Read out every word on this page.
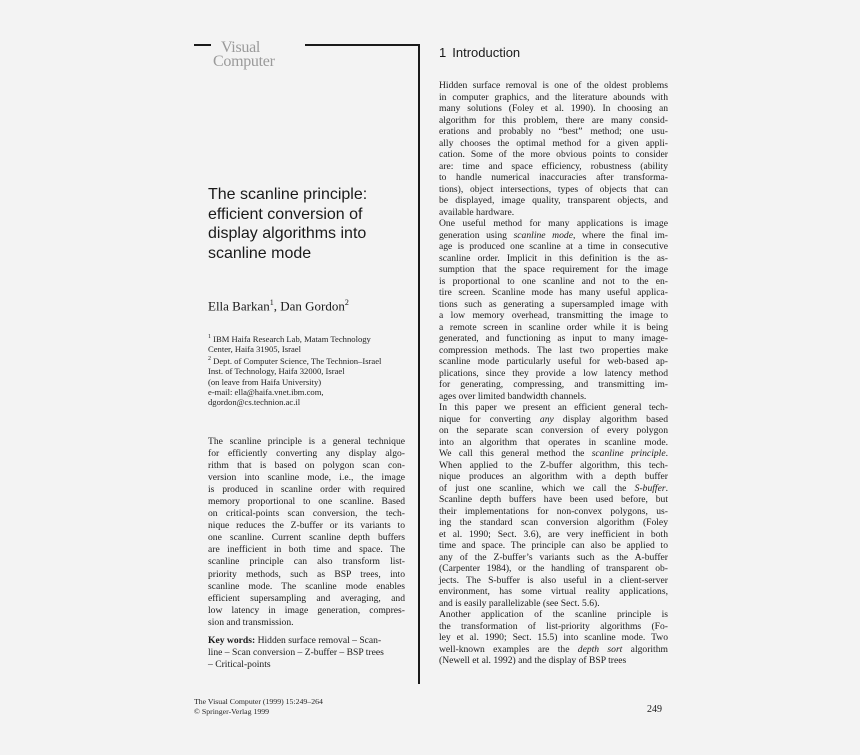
Visual
Computer
The scanline principle:
efficient conversion of
display algorithms into
scanline mode
Ella Barkan$^1$, Dan Gordon$^2$
$^1$ IBM Haifa Research Lab, Matam Technology
Center, Haifa 31905, Israel
$^2$ Dept. of Computer Science, The Technion–Israel
Inst. of Technology, Haifa 32000, Israel
(on leave from Haifa University)
e-mail: ella@haifa.vnet.ibm.com,
dgordon@cs.technion.ac.il
The scanline principle is a general technique
for efficiently converting any display algo-
rithm that is based on polygon scan con-
version into scanline mode, i.e., the image
is produced in scanline order with required
memory proportional to one scanline. Based
on critical-points scan conversion, the tech-
nique reduces the Z-buffer or its variants to
one scanline. Current scanline depth buffers
are inefficient in both time and space. The
scanline principle can also transform list-
priority methods, such as BSP trees, into
scanline mode. The scanline mode enables
efficient supersampling and averaging, and
low latency in image generation, compres-
sion and transmission.
Key words: Hidden surface removal – Scan-
line – Scan conversion – Z-buffer – BSP trees
– Critical-points
The Visual Computer (1999) 15:249–264
© Springer-Verlag 1999
1 Introduction
Hidden surface removal is one of the oldest problems
in computer graphics, and the literature abounds with
many solutions (Foley et al. 1990). In choosing an
algorithm for this problem, there are many consid-
erations and probably no “best” method; one usu-
ally chooses the optimal method for a given appli-
cation. Some of the more obvious points to consider
are: time and space efficiency, robustness (ability
to handle numerical inaccuracies after transforma-
tions), object intersections, types of objects that can
be displayed, image quality, transparent objects, and
available hardware.
One useful method for many applications is image
generation using scanline mode, where the final im-
age is produced one scanline at a time in consecutive
scanline order. Implicit in this definition is the as-
sumption that the space requirement for the image
is proportional to one scanline and not to the en-
tire screen. Scanline mode has many useful applica-
tions such as generating a supersampled image with
a low memory overhead, transmitting the image to
a remote screen in scanline order while it is being
generated, and functioning as input to many image-
compression methods. The last two properties make
scanline mode particularly useful for web-based ap-
plications, since they provide a low latency method
for generating, compressing, and transmitting im-
ages over limited bandwidth channels.
In this paper we present an efficient general tech-
nique for converting any display algorithm based
on the separate scan conversion of every polygon
into an algorithm that operates in scanline mode.
We call this general method the scanline principle.
When applied to the Z-buffer algorithm, this tech-
nique produces an algorithm with a depth buffer
of just one scanline, which we call the S-buffer.
Scanline depth buffers have been used before, but
their implementations for non-convex polygons, us-
ing the standard scan conversion algorithm (Foley
et al. 1990; Sect. 3.6), are very inefficient in both
time and space. The principle can also be applied to
any of the Z-buffer’s variants such as the A-buffer
(Carpenter 1984), or the handling of transparent ob-
jects. The S-buffer is also useful in a client-server
environment, has some virtual reality applications,
and is easily parallelizable (see Sect. 5.6).
Another application of the scanline principle is
the transformation of list-priority algorithms (Fo-
ley et al. 1990; Sect. 15.5) into scanline mode. Two
well-known examples are the depth sort algorithm
(Newell et al. 1992) and the display of BSP trees
249
